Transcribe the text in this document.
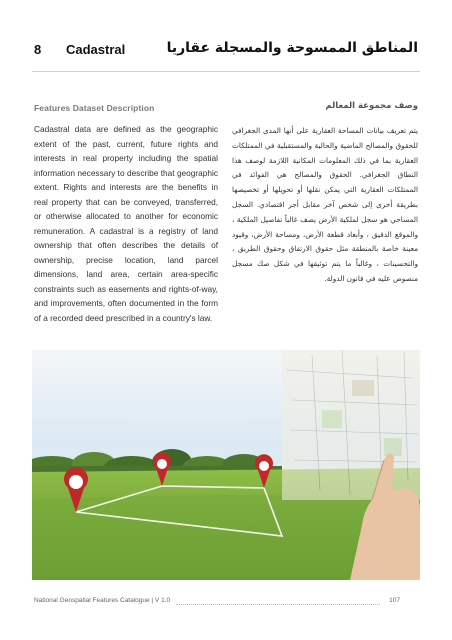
8 Cadastral	المناطق الممسوحة والمسجلة عقاريا
Features Dataset Description

Cadastral data are defined as the geographic extent of the past, current, future rights and interests in real property including the spatial information necessary to describe that geographic extent. Rights and interests are the benefits in real property that can be conveyed, transferred, or otherwise allocated to another for economic remuneration. A cadastral is a registry of land ownership that often describes the details of ownership, precise location, land parcel dimensions, land area, certain area-specific constraints such as easements and rights-of-way, and improvements, often documented in the form of a recorded deed prescribed in a country's law.

وصف مجموعة المعالم

يتم تعريف بيانات المساحة العقارية على أنها المدى الجغرافي للحقوق والمصالح الماضية والحالية والمستقبلية في الممتلكات العقارية بما في ذلك المعلومات المكانية اللازمة لوصف هذا النطاق الجغرافي. الحقوق والمصالح هي الفوائد في الممتلكات العقارية التي يمكن نقلها أو تحويلها أو تخصيصها بطريقة أخرى إلى شخص آخر مقابل أجر اقتصادي. السجل المساحي هو سجل لملكية الأرض يصف غالباً تفاصيل الملكية ، والموقع الدقيق ، وأبعاد قطعة الأرض، ومساحة الأرض، وقيود معينة خاصة بالمنطقة مثل حقوق الارتفاق وحقوق الطريق ، والتحسينات ، وغالباً ما يتم توثيقها في شكل صك مسجل منصوص عليه في قانون الدولة.

National Geospatial Features Catalogue | V 1.0	107
